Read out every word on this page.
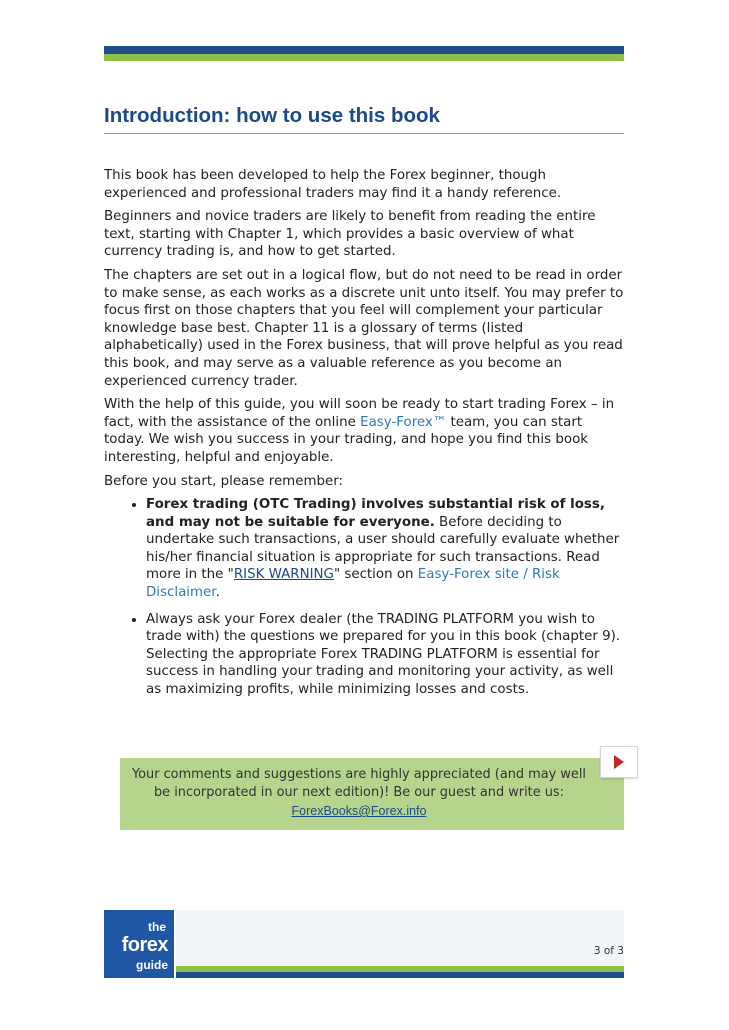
Introduction: how to use this book

This book has been developed to help the Forex beginner, though experienced and professional traders may find it a handy reference.

Beginners and novice traders are likely to benefit from reading the entire text, starting with Chapter 1, which provides a basic overview of what currency trading is, and how to get started.

The chapters are set out in a logical flow, but do not need to be read in order to make sense, as each works as a discrete unit unto itself. You may prefer to focus first on those chapters that you feel will complement your particular knowledge base best. Chapter 11 is a glossary of terms (listed alphabetically) used in the Forex business, that will prove helpful as you read this book, and may serve as a valuable reference as you become an experienced currency trader.

With the help of this guide, you will soon be ready to start trading Forex – in fact, with the assistance of the online Easy-Forex™ team, you can start today. We wish you success in your trading, and hope you find this book interesting, helpful and enjoyable.

Before you start, please remember:

• Forex trading (OTC Trading) involves substantial risk of loss, and may not be suitable for everyone. Before deciding to undertake such transactions, a user should carefully evaluate whether his/her financial situation is appropriate for such transactions. Read more in the "RISK WARNING" section on Easy-Forex site / Risk Disclaimer.
• Always ask your Forex dealer (the TRADING PLATFORM you wish to trade with) the questions we prepared for you in this book (chapter 9). Selecting the appropriate Forex TRADING PLATFORM is essential for success in handling your trading and monitoring your activity, as well as maximizing profits, while minimizing losses and costs.
Your comments and suggestions are highly appreciated (and may well be incorporated in our next edition)! Be our guest and write us:
ForexBooks@Forex.info
the
forex
guide
3 of 3
